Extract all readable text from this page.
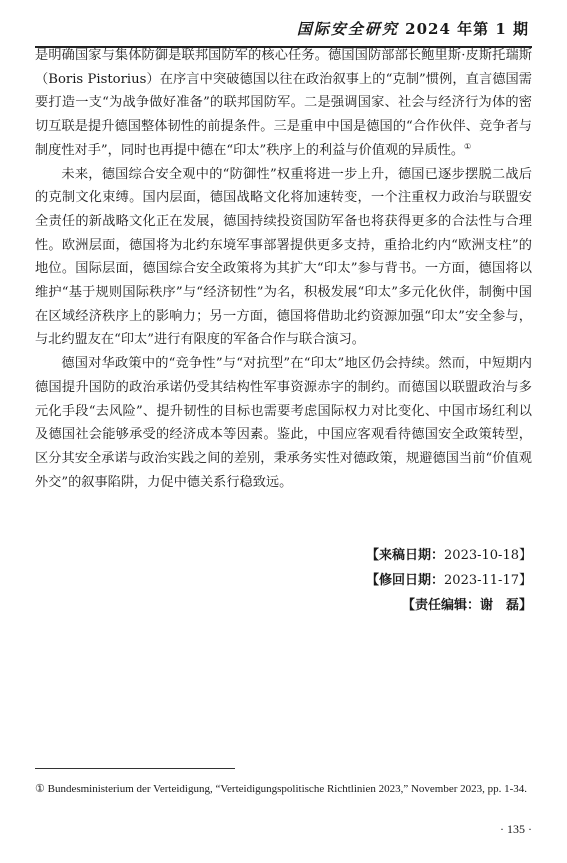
国际安全研究 2024 年第 1 期

是明确国家与集体防御是联邦国防军的核心任务。德国国防部部长鲍里斯·皮斯托瑞斯（Boris Pistorius）在序言中突破德国以往在政治叙事上的“克制”惯例，直言德国需要打造一支“为战争做好准备”的联邦国防军。二是强调国家、社会与经济行为体的密切互联是提升德国整体韧性的前提条件。三是重申中国是德国的“合作伙伴、竞争者与制度性对手”，同时也再提中德在“印太”秩序上的利益与价值观的异质性。①

未来，德国综合安全观中的“防御性”权重将进一步上升，德国已逐步摆脱二战后的克制文化束缚。国内层面，德国战略文化将加速转变，一个注重权力政治与联盟安全责任的新战略文化正在发展，德国持续投资国防军备也将获得更多的合法性与合理性。欧洲层面，德国将为北约东境军事部署提供更多支持，重拾北约内“欧洲支柱”的地位。国际层面，德国综合安全政策将为其扩大“印太”参与背书。一方面，德国将以维护“基于规则国际秩序”与“经济韧性”为名，积极发展“印太”多元化伙伴，制衡中国在区域经济秩序上的影响力；另一方面，德国将借助北约资源加强“印太”安全参与，与北约盟友在“印太”进行有限度的军备合作与联合演习。

德国对华政策中的“竞争性”与“对抗型”在“印太”地区仍会持续。然而，中短期内德国提升国防的政治承诺仍受其结构性军事资源赤字的制约。而德国以联盟政治与多元化手段“去风险”、提升韧性的目标也需要考虑国际权力对比变化、中国市场红利以及德国社会能够承受的经济成本等因素。鉴此，中国应客观看待德国安全政策转型，区分其安全承诺与政治实践之间的差别，秉承务实性对德政策，规避德国当前“价值观外交”的叙事陷阱，力促中德关系行稳致远。

【来稿日期：2023-10-18】
【修回日期：2023-11-17】
【责任编辑：谢　磊】
① Bundesministerium der Verteidigung, “Verteidigungspolitische Richtlinien 2023,” November 2023, pp. 1-34.
· 135 ·
